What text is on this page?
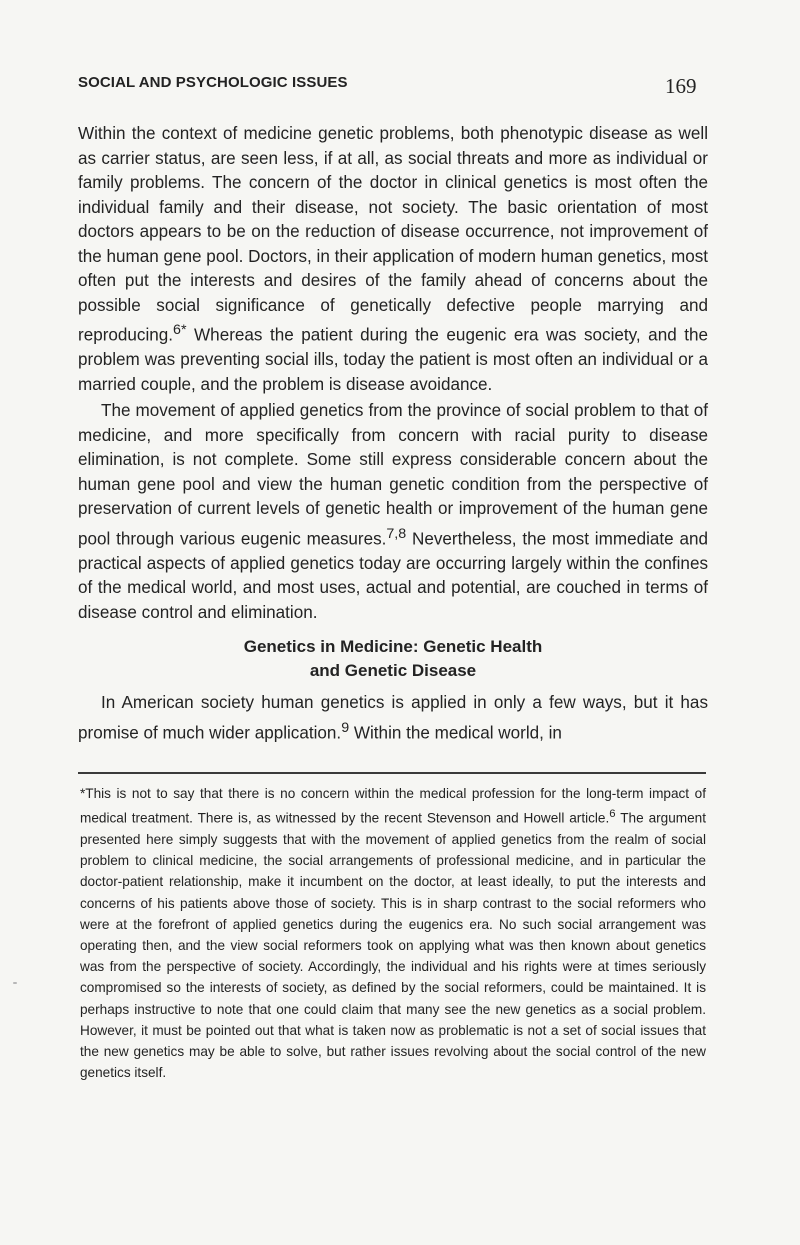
SOCIAL AND PSYCHOLOGIC ISSUES	169

Within the context of medicine genetic problems, both phenotypic disease as well as carrier status, are seen less, if at all, as social threats and more as individual or family problems. The concern of the doctor in clinical genetics is most often the individual family and their disease, not society. The basic orientation of most doctors appears to be on the reduction of disease occurrence, not improvement of the human gene pool. Doctors, in their application of modern human genetics, most often put the interests and desires of the family ahead of concerns about the possible social significance of genetically defective people marrying and reproducing.$^{6*}$ Whereas the patient during the eugenic era was society, and the problem was preventing social ills, today the patient is most often an individual or a married couple, and the problem is disease avoidance.

The movement of applied genetics from the province of social problem to that of medicine, and more specifically from concern with racial purity to disease elimination, is not complete. Some still express considerable concern about the human gene pool and view the human genetic condition from the perspective of preservation of current levels of genetic health or improvement of the human gene pool through various eugenic measures.$^{7,8}$ Nevertheless, the most immediate and practical aspects of applied genetics today are occurring largely within the confines of the medical world, and most uses, actual and potential, are couched in terms of disease control and elimination.

Genetics in Medicine: Genetic Health
and Genetic Disease

In American society human genetics is applied in only a few ways, but it has promise of much wider application.$^9$ Within the medical world, in

*This is not to say that there is no concern within the medical profession for the long-term impact of medical treatment. There is, as witnessed by the recent Stevenson and Howell article.$^6$ The argument presented here simply suggests that with the movement of applied genetics from the realm of social problem to clinical medicine, the social arrangements of professional medicine, and in particular the doctor-patient relationship, make it incumbent on the doctor, at least ideally, to put the interests and concerns of his patients above those of society. This is in sharp contrast to the social reformers who were at the forefront of applied genetics during the eugenics era. No such social arrangement was operating then, and the view social reformers took on applying what was then known about genetics was from the perspective of society. Accordingly, the individual and his rights were at times seriously compromised so the interests of society, as defined by the social reformers, could be maintained. It is perhaps instructive to note that one could claim that many see the new genetics as a social problem. However, it must be pointed out that what is taken now as problematic is not a set of social issues that the new genetics may be able to solve, but rather issues revolving about the social control of the new genetics itself.
